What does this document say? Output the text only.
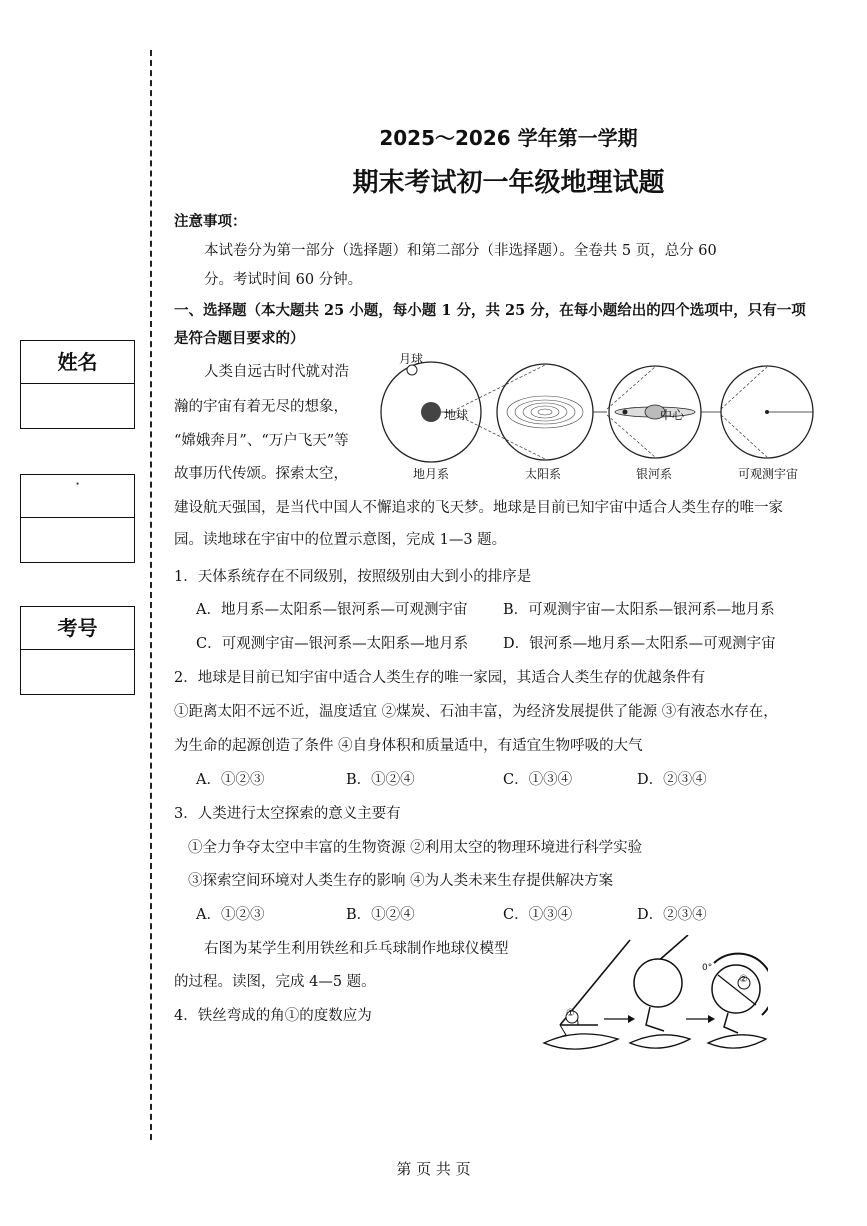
姓名
·
考号
2025～2026 学年第一学期
期末考试初一年级地理试题
注意事项：
本试卷分为第一部分（选择题）和第二部分（非选择题）。全卷共 5 页，总分 60
分。考试时间 60 分钟。
一、选择题（本大题共 25 小题，每小题 1 分，共 25 分，在每小题给出的四个选项中，只有一项
是符合题目要求的）
人类自远古时代就对浩
瀚的宇宙有着无尽的想象，
“嫦娥奔月”、“万户飞天”等
故事历代传颂。探索太空，
建设航天强国，是当代中国人不懈追求的飞天梦。地球是目前已知宇宙中适合人类生存的唯一家
园。读地球在宇宙中的位置示意图，完成 1—3 题。
月球
地球	中心
地月系	太阳系	银河系	可观测宇宙
1．天体系统存在不同级别，按照级别由大到小的排序是
A．地月系—太阳系—银河系—可观测宇宙 B．可观测宇宙—太阳系—银河系—地月系
C．可观测宇宙—银河系—太阳系—地月系 D．银河系—地月系—太阳系—可观测宇宙
2．地球是目前已知宇宙中适合人类生存的唯一家园，其适合人类生存的优越条件有
①距离太阳不远不近，温度适宜 ②煤炭、石油丰富，为经济发展提供了能源 ③有液态水存在，
为生命的起源创造了条件 ④自身体积和质量适中，有适宜生物呼吸的大气
A．①②③	B．①②④	C．①③④	D．②③④
3．人类进行太空探索的意义主要有
①全力争夺太空中丰富的生物资源 ②利用太空的物理环境进行科学实验
③探索空间环境对人类生存的影响 ④为人类未来生存提供解决方案
A．①②③	B．①②④	C．①③④	D．②③④
右图为某学生利用铁丝和乒乓球制作地球仪模型
的过程。读图，完成 4—5 题。
4．铁丝弯成的角①的度数应为	①
②
0°
第 页 共 页
